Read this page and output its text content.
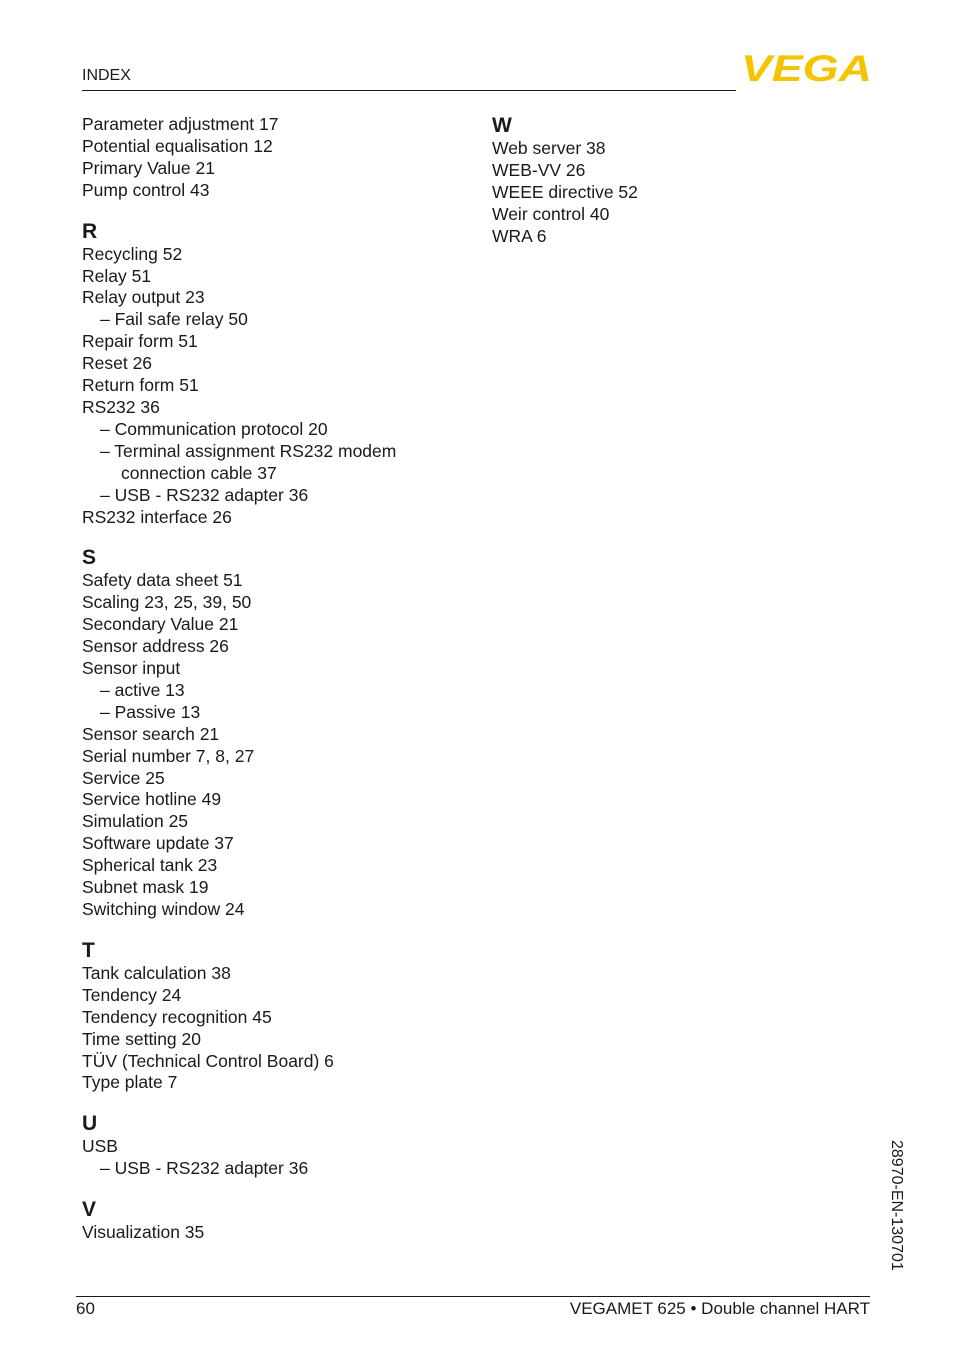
INDEX	VEGA
Parameter adjustment 17
Potential equalisation 12
Primary Value 21
Pump control 43
R
Recycling 52
Relay 51
Relay output 23
– Fail safe relay 50
Repair form 51
Reset 26
Return form 51
RS232 36
– Communication protocol 20
– Terminal assignment RS232 modem
connection cable 37
– USB - RS232 adapter 36
RS232 interface 26
S
Safety data sheet 51
Scaling 23, 25, 39, 50
Secondary Value 21
Sensor address 26
Sensor input
– active 13
– Passive 13
Sensor search 21
Serial number 7, 8, 27
Service 25
Service hotline 49
Simulation 25
Software update 37
Spherical tank 23
Subnet mask 19
Switching window 24
T
Tank calculation 38
Tendency 24
Tendency recognition 45
Time setting 20
TÜV (Technical Control Board) 6
Type plate 7
U
USB
– USB - RS232 adapter 36
V
Visualization 35
W
Web server 38
WEB-VV 26
WEEE directive 52
Weir control 40
WRA 6
28970-EN-130701
60	VEGAMET 625 • Double channel HART
